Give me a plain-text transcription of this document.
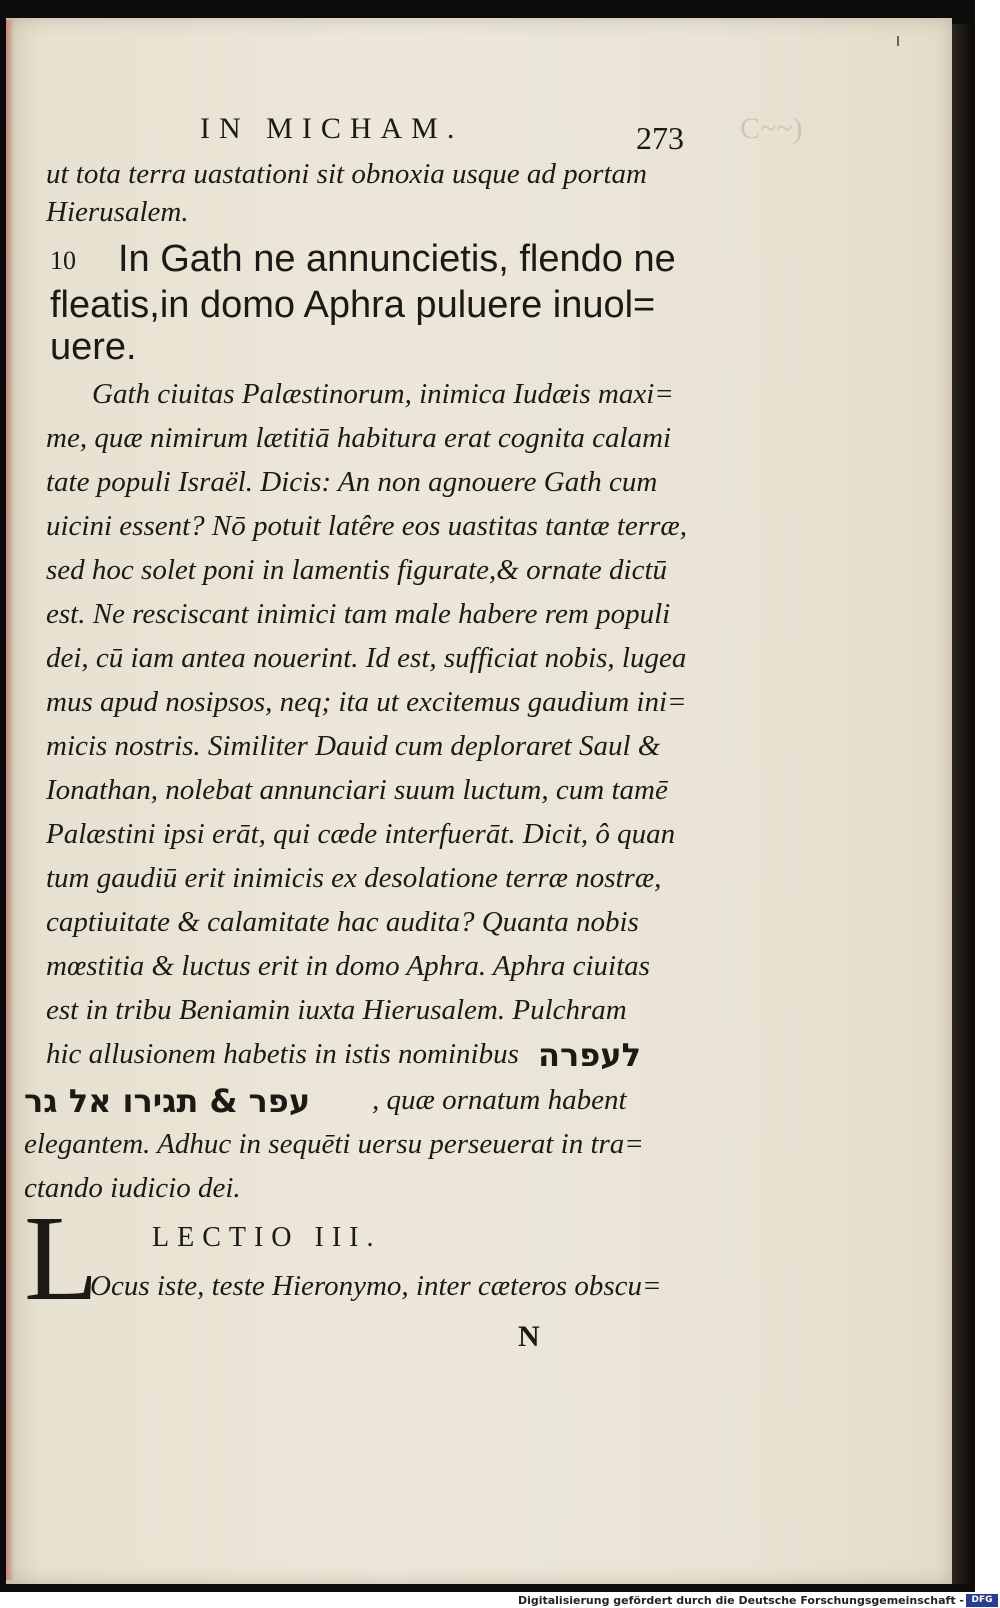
IN MICHAM.	273 C~~)
ut tota terra uastationi sit obnoxia usque ad portam
Hierusalem.
10 In Gath ne annuncietis, flendo ne
fleatis,in domo Aphra puluere inuol=
uere.
Gath ciuitas Palæstinorum, inimica Iudæis maxi=
me, quæ nimirum lætitiā habitura erat cognita calami
tate populi Israël. Dicis: An non agnouere Gath cum
uicini essent? Nō potuit latêre eos uastitas tantæ terræ,
sed hoc solet poni in lamentis figurate,& ornate dictū
est. Ne resciscant inimici tam male habere rem populi
dei, cū iam antea nouerint. Id est, sufficiat nobis, lugea
mus apud nosipsos, neq; ita ut excitemus gaudium ini=
micis nostris. Similiter Dauid cum deploraret Saul &
Ionathan, nolebat annunciari suum luctum, cum tamē
Palæstini ipsi erāt, qui cæde interfuerāt. Dicit, ô quan
tum gaudiū erit inimicis ex desolatione terræ nostræ,
captiuitate & calamitate hac audita? Quanta nobis
mœstitia & luctus erit in domo Aphra. Aphra ciuitas
est in tribu Beniamin iuxta Hierusalem. Pulchram
hic allusionem habetis in istis nominibus לעפרה
עפר & תגירו אל גר , quæ ornatum habent
elegantem. Adhuc in sequēti uersu perseuerat in tra=
ctando iudicio dei.
L LECTIO III.
Ocus iste, teste Hieronymo, inter cæteros obscu=
N
Digitalisierung gefördert durch die Deutsche Forschungsgemeinschaft - DFG
